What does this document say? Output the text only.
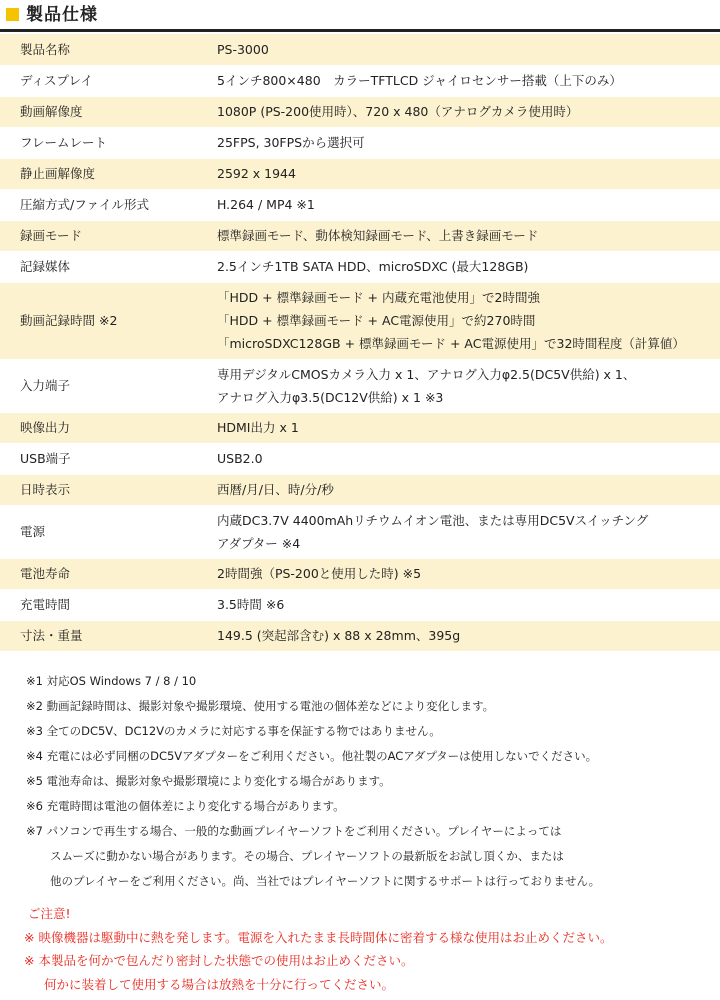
製品仕様
製品名称	PS-3000
ディスプレイ	5インチ800×480　カラーTFTLCD ジャイロセンサー搭載（上下のみ）
動画解像度	1080P (PS-200使用時）、720 x 480（アナログカメラ使用時）
フレームレート	25FPS, 30FPSから選択可
静止画解像度	2592 x 1944
圧縮方式/ファイル形式	H.264 / MP4 ※1
録画モード	標準録画モード、動体検知録画モード、上書き録画モード
記録媒体	2.5インチ1TB SATA HDD、microSDXC (最大128GB)
動画記録時間 ※2	「HDD + 標準録画モード + 内蔵充電池使用」で2時間強
「HDD + 標準録画モード + AC電源使用」で約270時間
「microSDXC128GB + 標準録画モード + AC電源使用」で32時間程度（計算値）
入力端子	専用デジタルCMOSカメラ入力 x 1、アナログ入力φ2.5(DC5V供給) x 1、
アナログ入力φ3.5(DC12V供給) x 1 ※3
映像出力	HDMI出力 x 1
USB端子	USB2.0
日時表示	西暦/月/日、時/分/秒
電源	内蔵DC3.7V 4400mAhリチウムイオン電池、または専用DC5Vスイッチング
アダプター ※4
電池寿命	2時間強（PS-200と使用した時) ※5
充電時間	3.5時間 ※6
寸法・重量	149.5 (突起部含む) x 88 x 28mm、395g
※1 対応OS Windows 7 / 8 / 10
※2 動画記録時間は、撮影対象や撮影環境、使用する電池の個体差などにより変化します。
※3 全てのDC5V、DC12Vのカメラに対応する事を保証する物ではありません。
※4 充電には必ず同梱のDC5Vアダプターをご利用ください。他社製のACアダプターは使用しないでください。
※5 電池寿命は、撮影対象や撮影環境により変化する場合があります。
※6 充電時間は電池の個体差により変化する場合があります。
※7 パソコンで再生する場合、一般的な動画プレイヤーソフトをご利用ください。プレイヤーによっては
スムーズに動かない場合があります。その場合、プレイヤーソフトの最新版をお試し頂くか、または
他のプレイヤーをご利用ください。尚、当社ではプレイヤーソフトに関するサポートは行っておりません。
ご注意!
※ 映像機器は駆動中に熱を発します。電源を入れたまま長時間体に密着する様な使用はお止めください。
※ 本製品を何かで包んだり密封した状態での使用はお止めください。
何かに装着して使用する場合は放熱を十分に行ってください。
